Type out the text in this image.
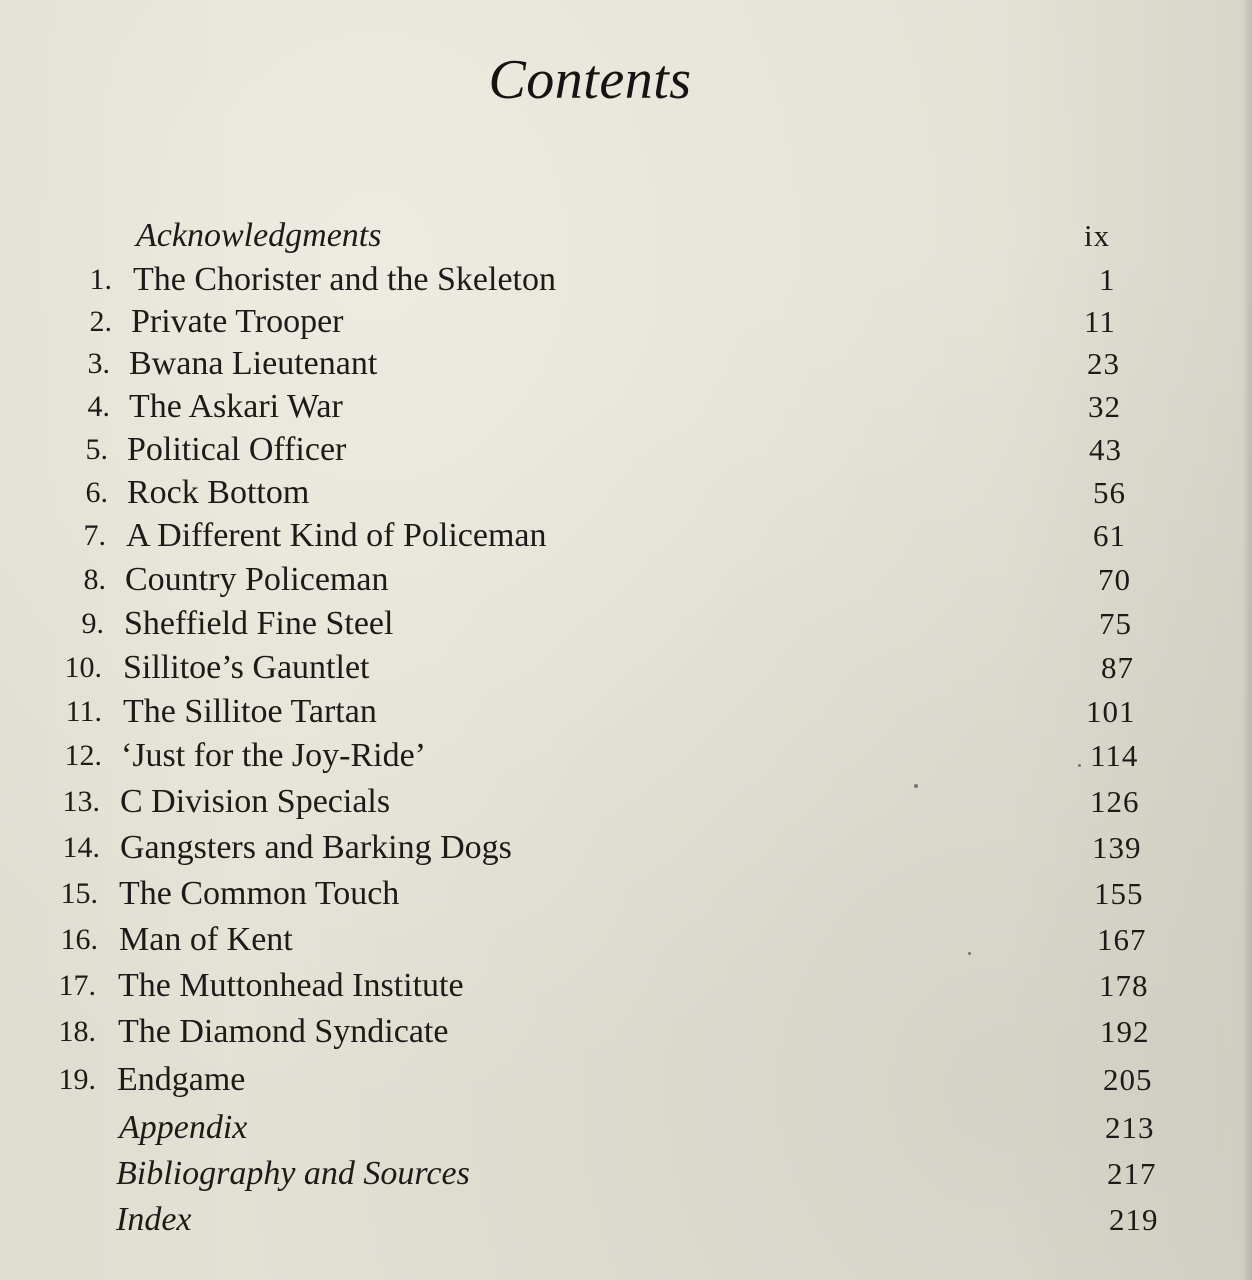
Contents
Acknowledgments	ix
1. The Chorister and the Skeleton	1
2. Private Trooper	11
3. Bwana Lieutenant	23
4. The Askari War	32
5. Political Officer	43
6. Rock Bottom	56
7. A Different Kind of Policeman	61
8. Country Policeman	70
9. Sheffield Fine Steel	75
10. Sillitoe’s Gauntlet	87
11. The Sillitoe Tartan	101
12. ‘Just for the Joy-Ride’	114
13. C Division Specials	126
14. Gangsters and Barking Dogs	139
15. The Common Touch	155
16. Man of Kent	167
17. The Muttonhead Institute	178
18. The Diamond Syndicate	192
19. Endgame	205
Appendix	213
Bibliography and Sources	217
Index	219
